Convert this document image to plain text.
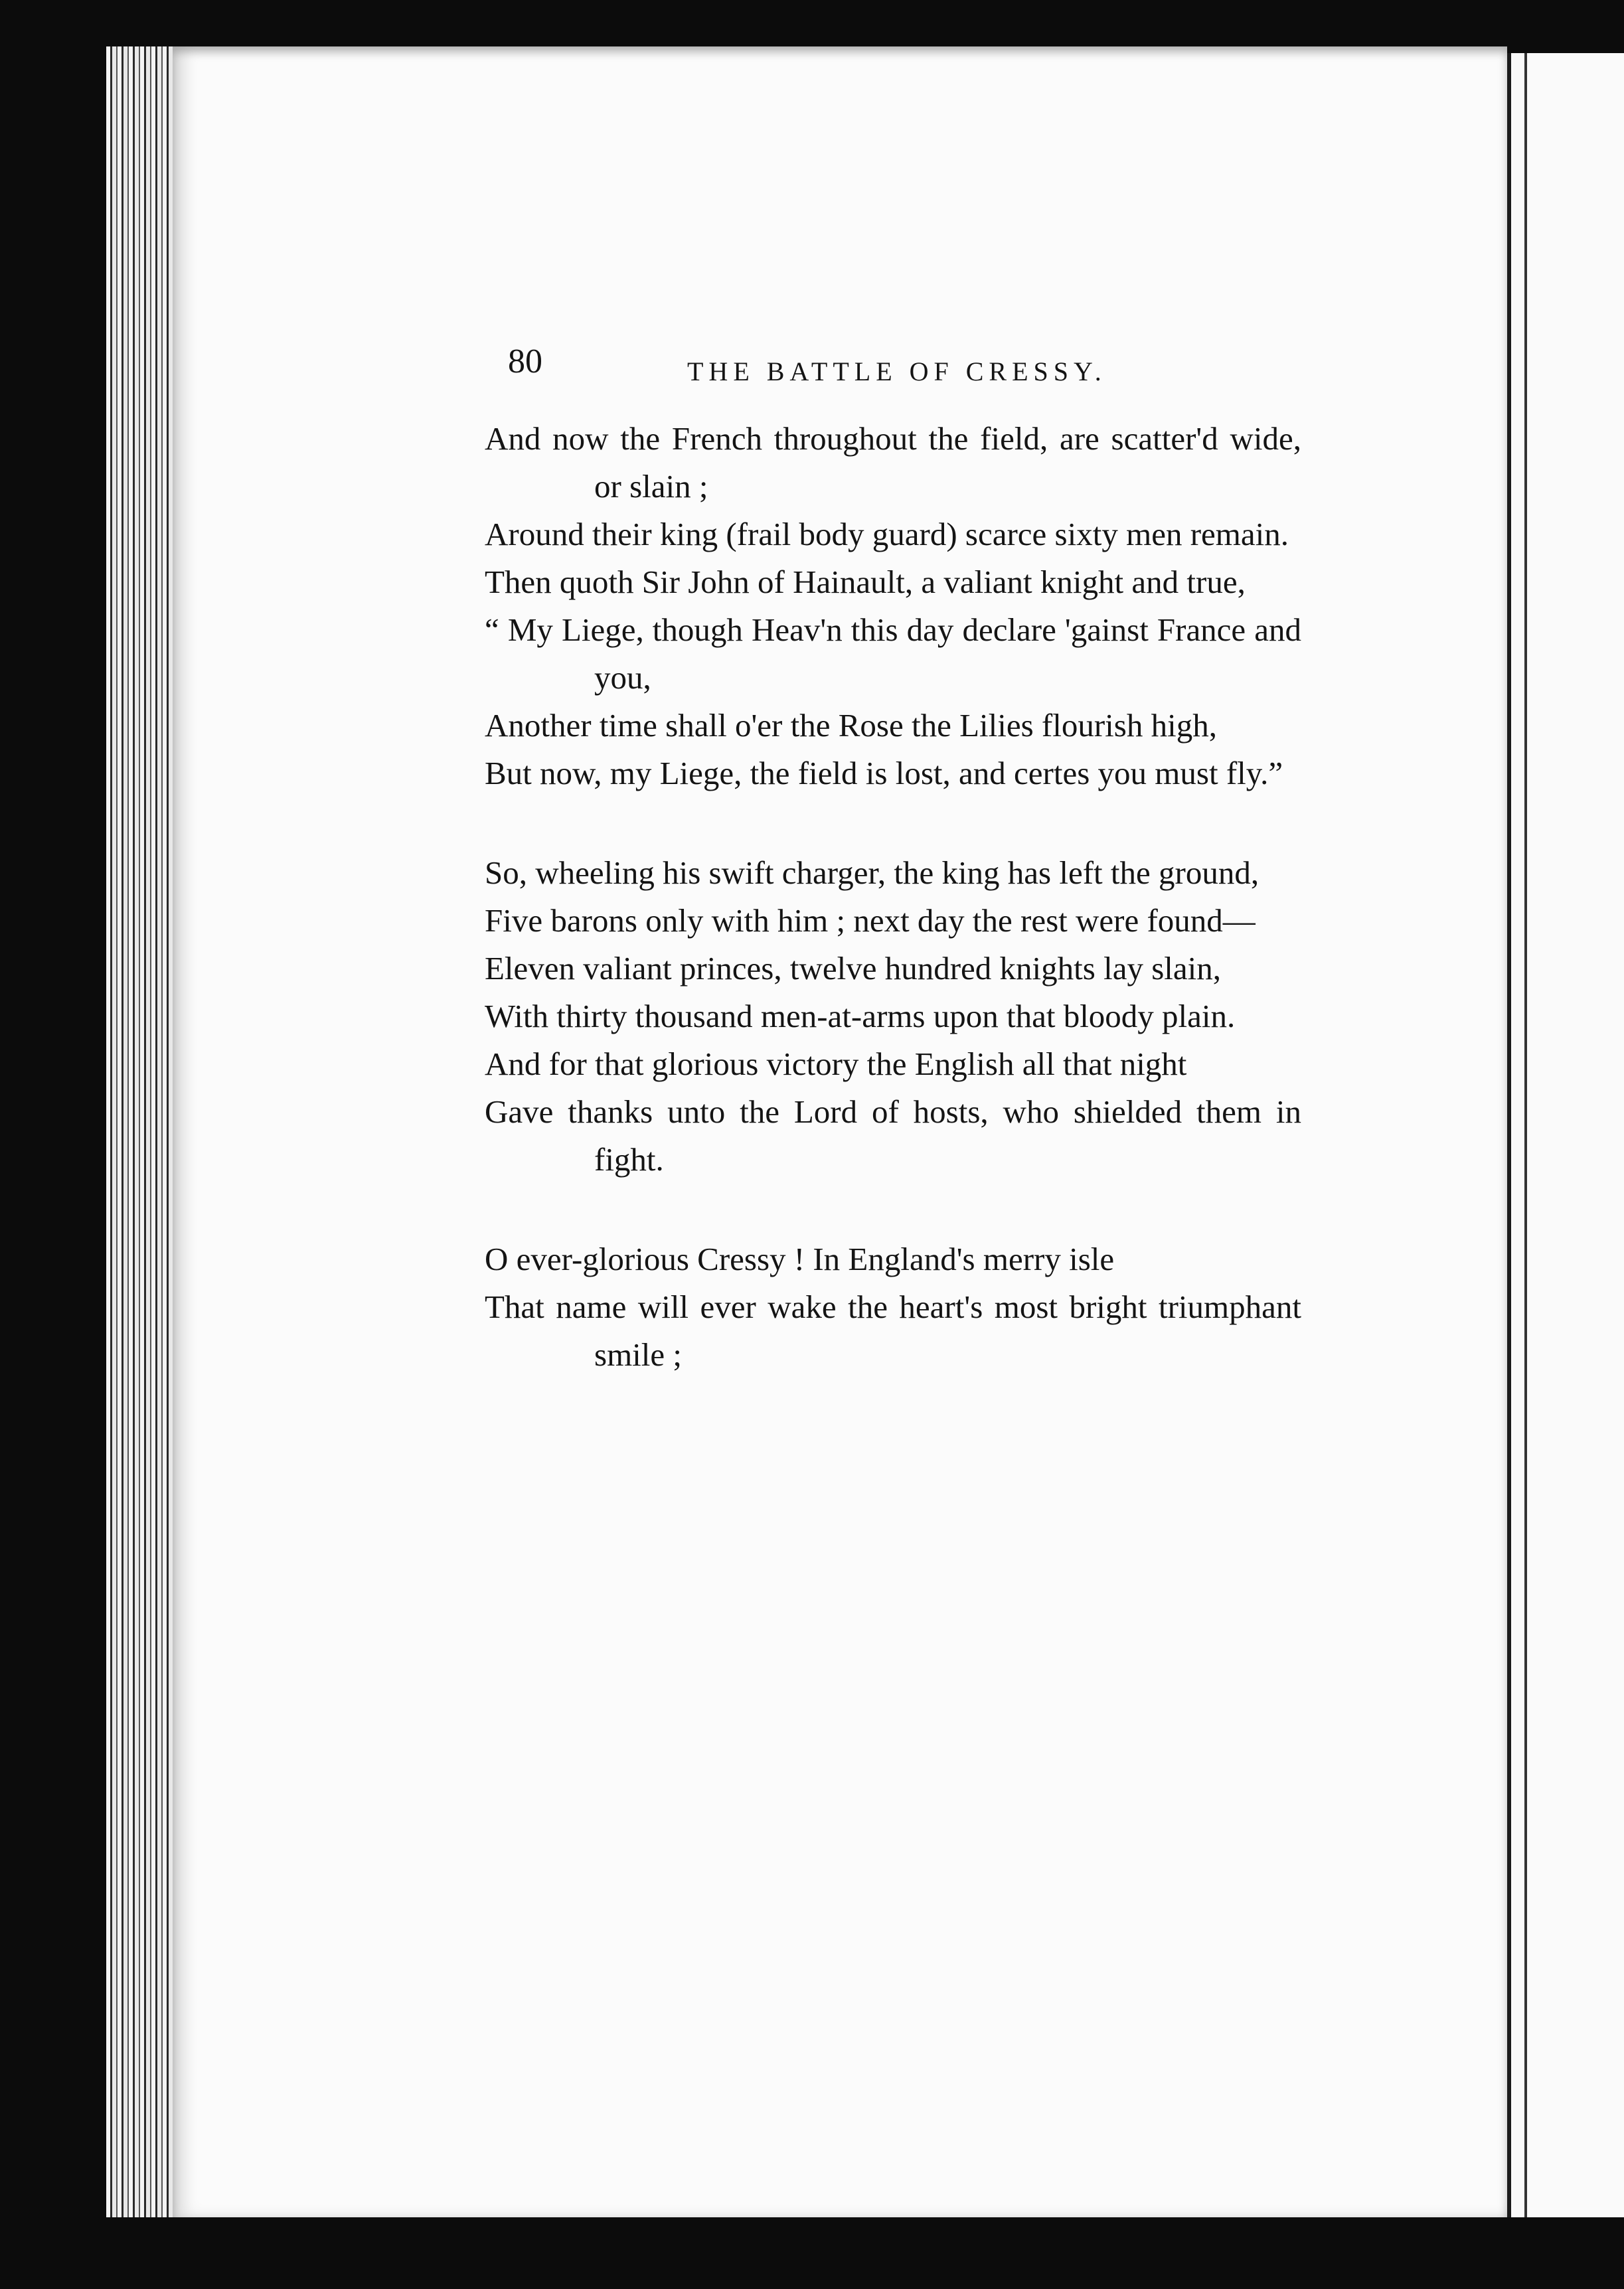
80	THE BATTLE OF CRESSY.
And now the French throughout the field, are scatter'd wide, or slain ;
Around their king (frail body guard) scarce sixty men remain.
Then quoth Sir John of Hainault, a valiant knight and true,
“ My Liege, though Heav'n this day declare 'gainst France and you,
Another time shall o'er the Rose the Lilies flourish high,
But now, my Liege, the field is lost, and certes you must fly.”
So, wheeling his swift charger, the king has left the ground,
Five barons only with him ; next day the rest were found—
Eleven valiant princes, twelve hundred knights lay slain,
With thirty thousand men-at-arms upon that bloody plain.
And for that glorious victory the English all that night
Gave thanks unto the Lord of hosts, who shielded them in fight.
O ever-glorious Cressy ! In England's merry isle
That name will ever wake the heart's most bright triumphant smile ;
